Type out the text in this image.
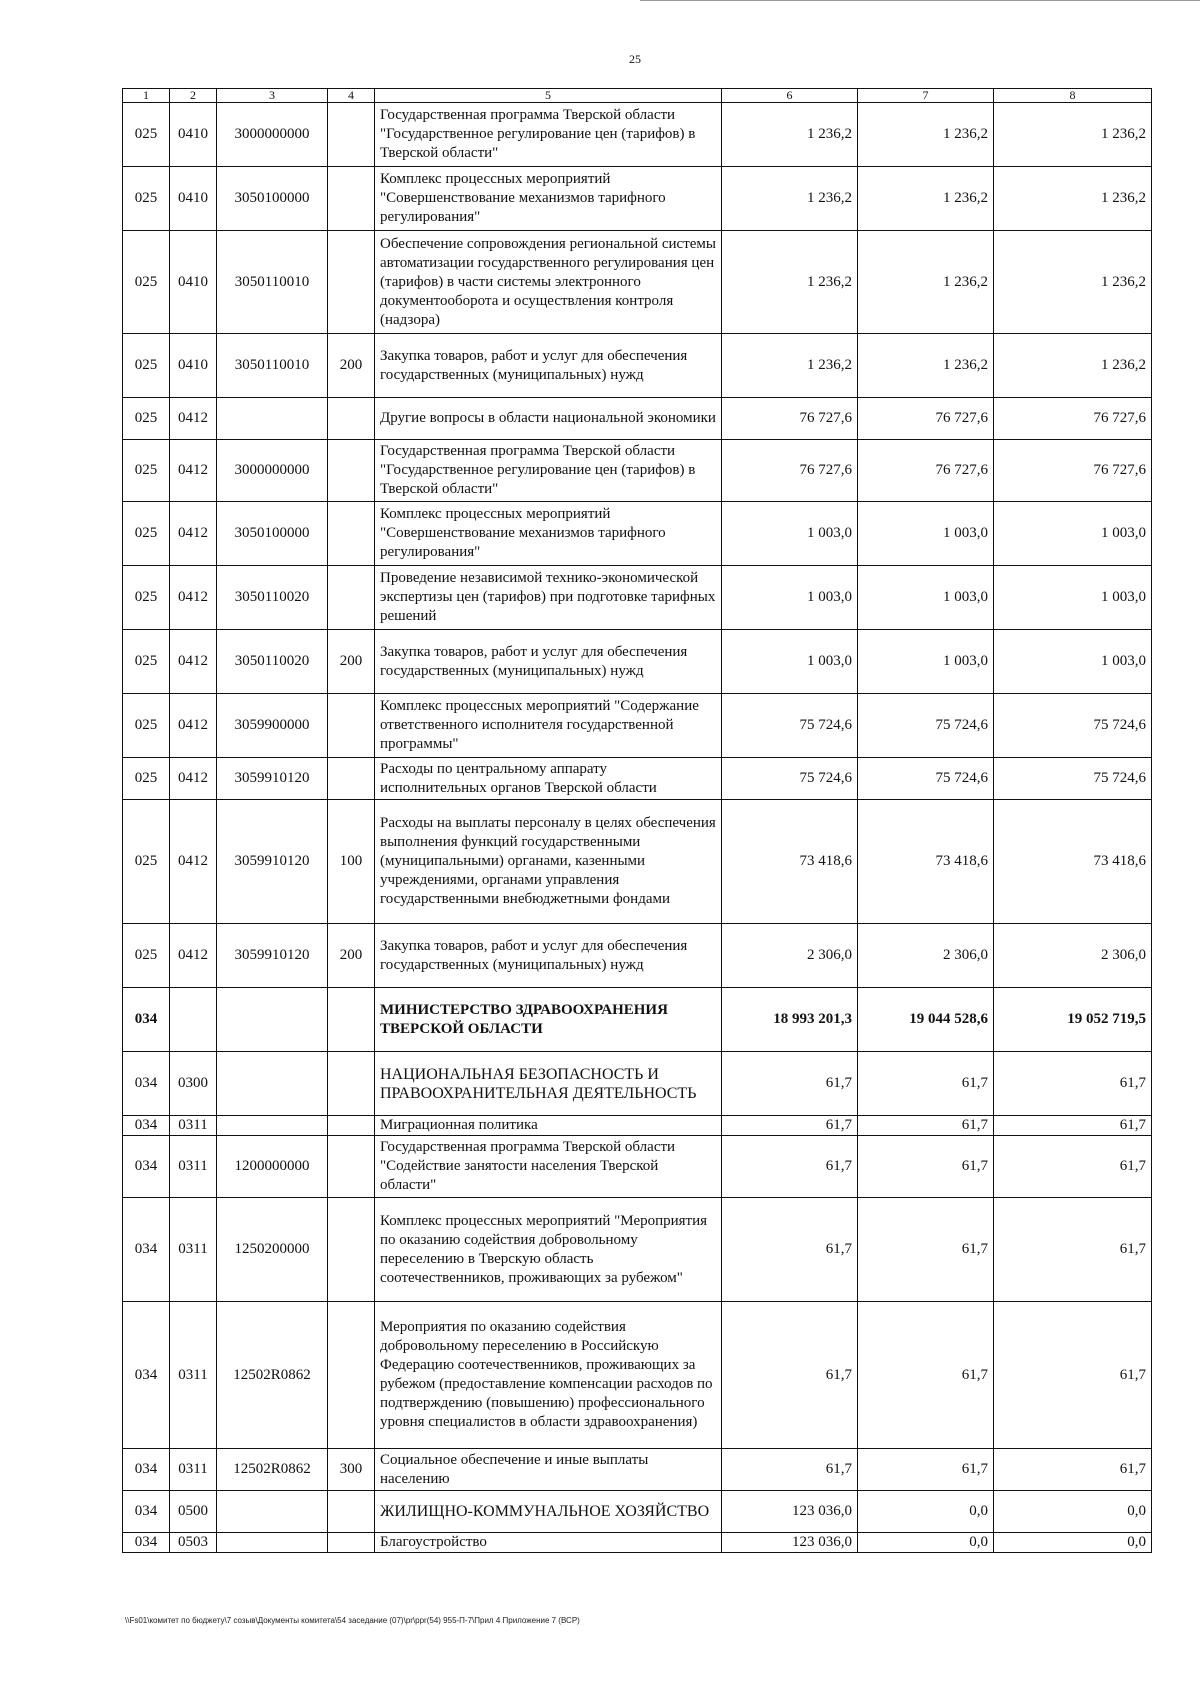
25
1	2	3	4	5	6	7	8
025	0410	3000000000		Государственная программа Тверской области "Государственное регулирование цен (тарифов) в Тверской области"	1 236,2	1 236,2	1 236,2
025	0410	3050100000		Комплекс процессных мероприятий "Совершенствование механизмов тарифного регулирования"	1 236,2	1 236,2	1 236,2
025	0410	3050110010		Обеспечение сопровождения региональной системы автоматизации государственного регулирования цен (тарифов) в части системы электронного документооборота и осуществления контроля (надзора)	1 236,2	1 236,2	1 236,2
025	0410	3050110010	200	Закупка товаров, работ и услуг для обеспечения государственных (муниципальных) нужд	1 236,2	1 236,2	1 236,2
025	0412			Другие вопросы в области национальной экономики	76 727,6	76 727,6	76 727,6
025	0412	3000000000		Государственная программа Тверской области "Государственное регулирование цен (тарифов) в Тверской области"	76 727,6	76 727,6	76 727,6
025	0412	3050100000		Комплекс процессных мероприятий "Совершенствование механизмов тарифного регулирования"	1 003,0	1 003,0	1 003,0
025	0412	3050110020		Проведение независимой технико-экономической экспертизы цен (тарифов) при подготовке тарифных решений	1 003,0	1 003,0	1 003,0
025	0412	3050110020	200	Закупка товаров, работ и услуг для обеспечения государственных (муниципальных) нужд	1 003,0	1 003,0	1 003,0
025	0412	3059900000		Комплекс процессных мероприятий "Содержание ответственного исполнителя государственной программы"	75 724,6	75 724,6	75 724,6
025	0412	3059910120		Расходы по центральному аппарату исполнительных органов Тверской области	75 724,6	75 724,6	75 724,6
025	0412	3059910120	100	Расходы на выплаты персоналу в целях обеспечения выполнения функций государственными (муниципальными) органами, казенными учреждениями, органами управления государственными внебюджетными фондами	73 418,6	73 418,6	73 418,6
025	0412	3059910120	200	Закупка товаров, работ и услуг для обеспечения государственных (муниципальных) нужд	2 306,0	2 306,0	2 306,0
034				МИНИСТЕРСТВО ЗДРАВООХРАНЕНИЯ ТВЕРСКОЙ ОБЛАСТИ	18 993 201,3	19 044 528,6	19 052 719,5
034	0300			НАЦИОНАЛЬНАЯ БЕЗОПАСНОСТЬ И ПРАВООХРАНИТЕЛЬНАЯ ДЕЯТЕЛЬНОСТЬ	61,7	61,7	61,7
034	0311			Миграционная политика	61,7	61,7	61,7
034	0311	1200000000		Государственная программа Тверской области "Содействие занятости населения Тверской области"	61,7	61,7	61,7
034	0311	1250200000		Комплекс процессных мероприятий "Мероприятия по оказанию содействия добровольному переселению в Тверскую область соотечественников, проживающих за рубежом"	61,7	61,7	61,7
034	0311	12502R0862		Мероприятия по оказанию содействия добровольному переселению в Российскую Федерацию соотечественников, проживающих за рубежом (предоставление компенсации расходов по подтверждению (повышению) профессионального уровня специалистов в области здравоохранения)	61,7	61,7	61,7
034	0311	12502R0862	300	Социальное обеспечение и иные выплаты населению	61,7	61,7	61,7
034	0500			ЖИЛИЩНО-КОММУНАЛЬНОЕ ХОЗЯЙСТВО	123 036,0	0,0	0,0
034	0503			Благоустройство	123 036,0	0,0	0,0
\\Fs01\комитет по бюджету\7 созыв\Документы комитета\54 заседание (07)\pr\ppr(54) 955-П-7\Прил 4 Приложение 7 (ВСР)
